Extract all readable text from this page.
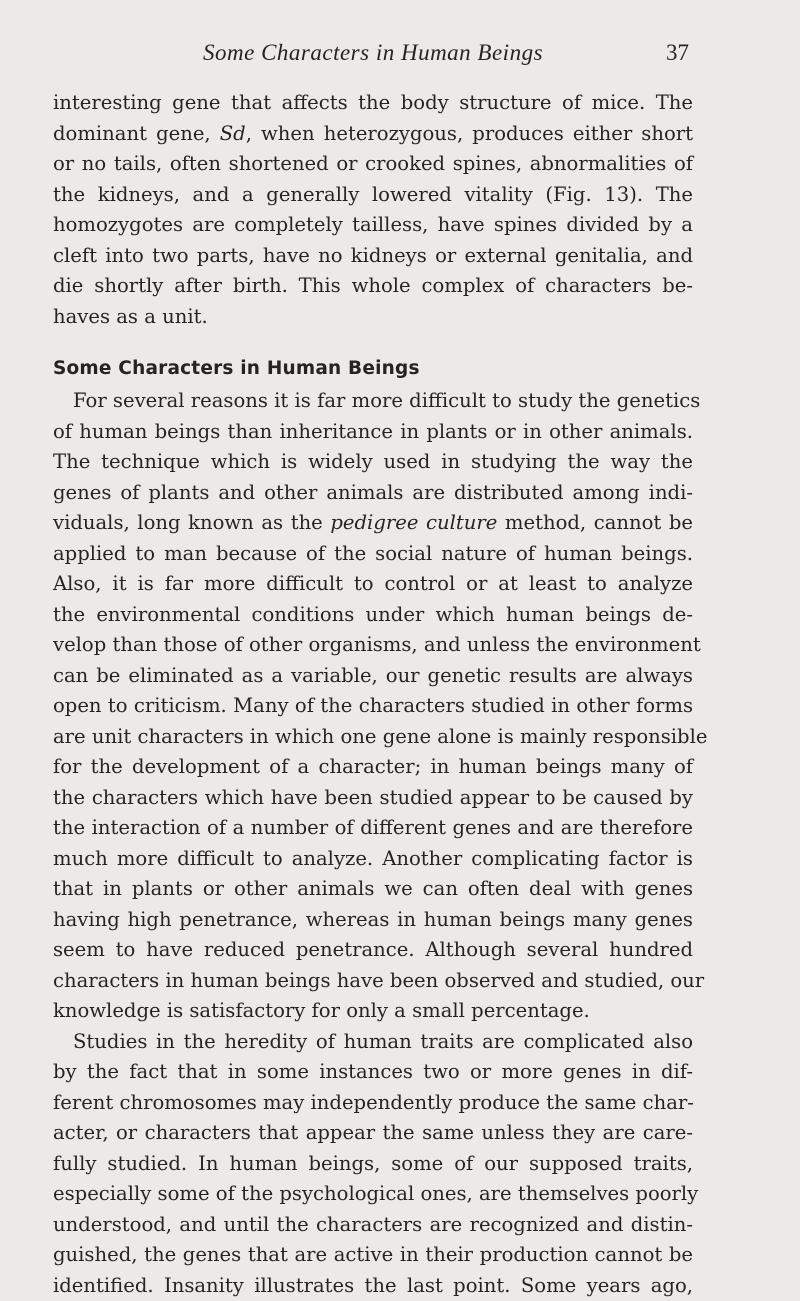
Some Characters in Human Beings	37
interesting gene that affects the body structure of mice. The
dominant gene, Sd, when heterozygous, produces either short
or no tails, often shortened or crooked spines, abnormalities of
the kidneys, and a generally lowered vitality (Fig. 13). The
homozygotes are completely tailless, have spines divided by a
cleft into two parts, have no kidneys or external genitalia, and
die shortly after birth. This whole complex of characters be-
haves as a unit.
Some Characters in Human Beings
For several reasons it is far more difficult to study the genetics
of human beings than inheritance in plants or in other animals.
The technique which is widely used in studying the way the
genes of plants and other animals are distributed among indi-
viduals, long known as the pedigree culture method, cannot be
applied to man because of the social nature of human beings.
Also, it is far more difficult to control or at least to analyze
the environmental conditions under which human beings de-
velop than those of other organisms, and unless the environment
can be eliminated as a variable, our genetic results are always
open to criticism. Many of the characters studied in other forms
are unit characters in which one gene alone is mainly responsible
for the development of a character; in human beings many of
the characters which have been studied appear to be caused by
the interaction of a number of different genes and are therefore
much more difficult to analyze. Another complicating factor is
that in plants or other animals we can often deal with genes
having high penetrance, whereas in human beings many genes
seem to have reduced penetrance. Although several hundred
characters in human beings have been observed and studied, our
knowledge is satisfactory for only a small percentage.
Studies in the heredity of human traits are complicated also
by the fact that in some instances two or more genes in dif-
ferent chromosomes may independently produce the same char-
acter, or characters that appear the same unless they are care-
fully studied. In human beings, some of our supposed traits,
especially some of the psychological ones, are themselves poorly
understood, and until the characters are recognized and distin-
guished, the genes that are active in their production cannot be
identified. Insanity illustrates the last point. Some years ago,
